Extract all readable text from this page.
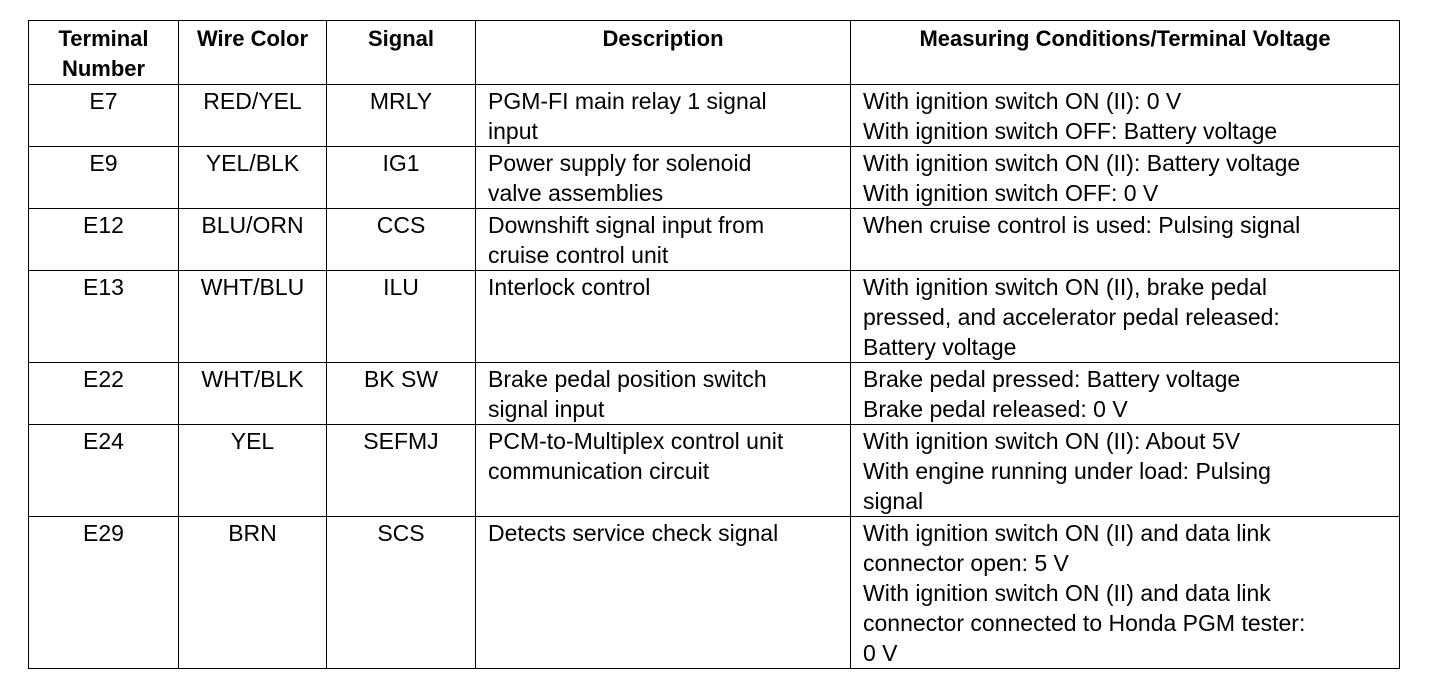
Terminal
Number	Wire Color	Signal	Description	Measuring Conditions/Terminal Voltage
E7	RED/YEL	MRLY	PGM-FI main relay 1 signal
input	With ignition switch ON (II): 0 V
With ignition switch OFF: Battery voltage

E9	YEL/BLK	IG1	Power supply for solenoid
valve assemblies	With ignition switch ON (II): Battery voltage
With ignition switch OFF: 0 V

E12	BLU/ORN	CCS	Downshift signal input from
cruise control unit	When cruise control is used: Pulsing signal

E13	WHT/BLU	ILU	Interlock control	With ignition switch ON (II), brake pedal
pressed, and accelerator pedal released:
Battery voltage

E22	WHT/BLK	BK SW	Brake pedal position switch
signal input	Brake pedal pressed: Battery voltage
Brake pedal released: 0 V

E24	YEL	SEFMJ	PCM-to-Multiplex control unit
communication circuit	With ignition switch ON (II): About 5V
With engine running under load: Pulsing
signal

E29	BRN	SCS	Detects service check signal	With ignition switch ON (II) and data link
connector open: 5 V
With ignition switch ON (II) and data link
connector connected to Honda PGM tester:
0 V
